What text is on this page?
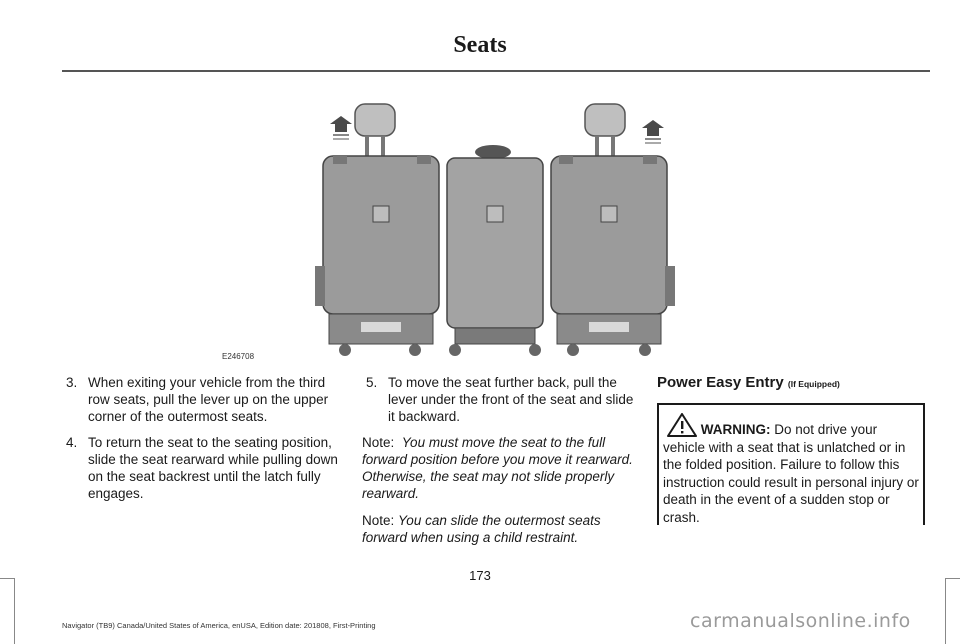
Seats
E246708
3. When exiting your vehicle from the third row seats, pull the lever up on the upper corner of the outermost seats.
4. To return the seat to the seating position, slide the seat rearward while pulling down on the seat backrest until the latch fully engages.
5. To move the seat further back, pull the lever under the front of the seat and slide it backward.

Note: You must move the seat to the full forward position before you move it rearward. Otherwise, the seat may not slide properly rearward.

Note: You can slide the outermost seats forward when using a child restraint.

Power Easy Entry (If Equipped)

WARNING: Do not drive your vehicle with a seat that is unlatched or in the folded position. Failure to follow this instruction could result in personal injury or death in the event of a sudden stop or crash.
173
Navigator (TB9) Canada/United States of America, enUSA, Edition date: 201808, First-Printing	carmanualsonline.info
